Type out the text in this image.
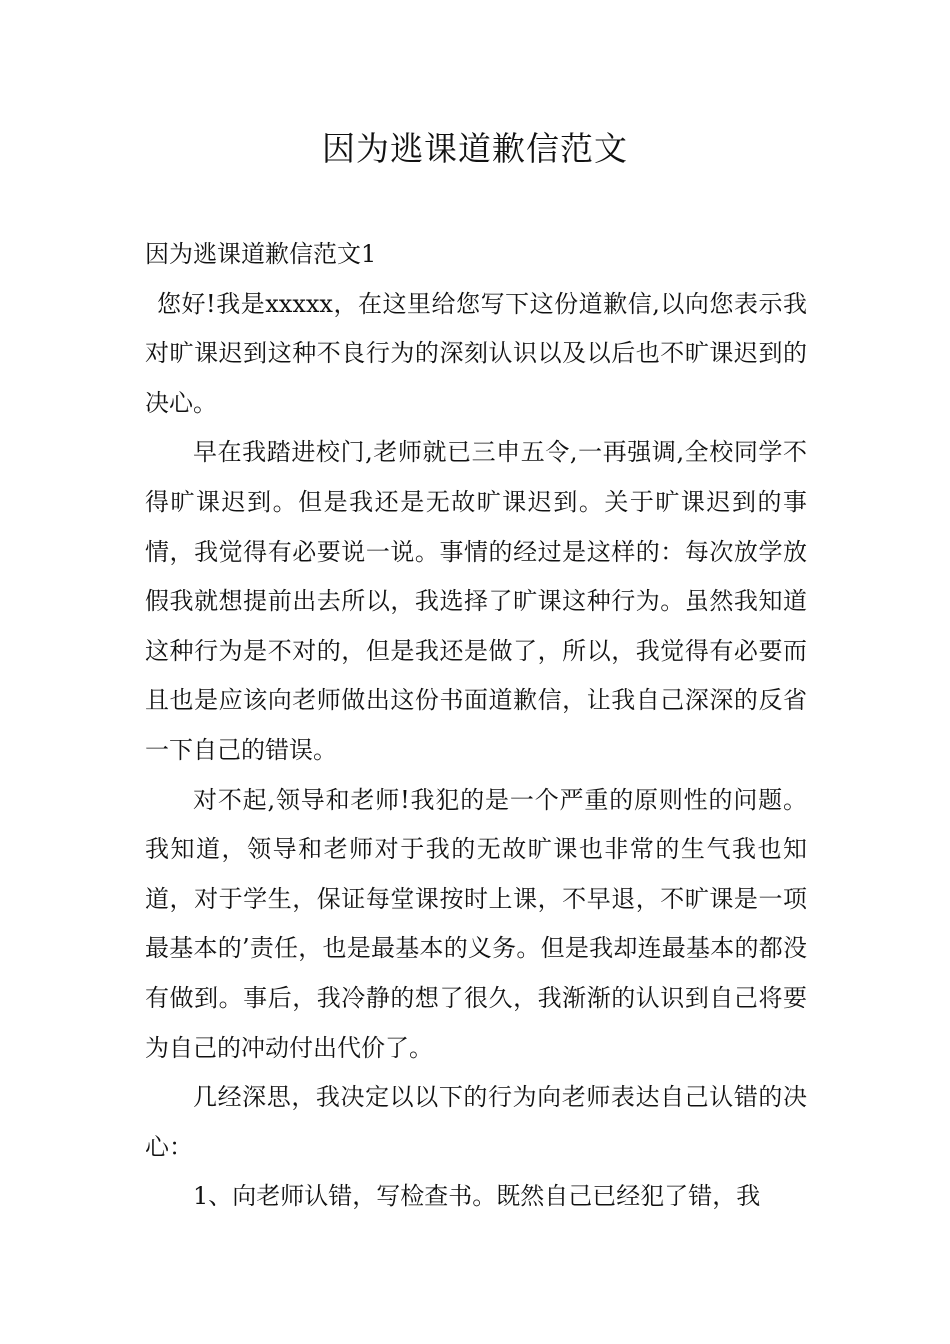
因为逃课道歉信范文

因为逃课道歉信范文1

您好!我是xxxxx，在这里给您写下这份道歉信,以向您表示我对旷课迟到这种不良行为的深刻认识以及以后也不旷课迟到的决心。

早在我踏进校门,老师就已三申五令,一再强调,全校同学不得旷课迟到。但是我还是无故旷课迟到。关于旷课迟到的事情，我觉得有必要说一说。事情的经过是这样的：每次放学放假我就想提前出去所以，我选择了旷课这种行为。虽然我知道这种行为是不对的，但是我还是做了，所以，我觉得有必要而且也是应该向老师做出这份书面道歉信，让我自己深深的反省一下自己的错误。

对不起,领导和老师!我犯的是一个严重的原则性的问题。我知道，领导和老师对于我的无故旷课也非常的生气我也知道，对于学生，保证每堂课按时上课，不早退，不旷课是一项最基本的’责任，也是最基本的义务。但是我却连最基本的都没有做到。事后，我冷静的想了很久，我渐渐的认识到自己将要为自己的冲动付出代价了。

几经深思，我决定以以下的行为向老师表达自己认错的决心：

1、向老师认错，写检查书。既然自己已经犯了错，我
